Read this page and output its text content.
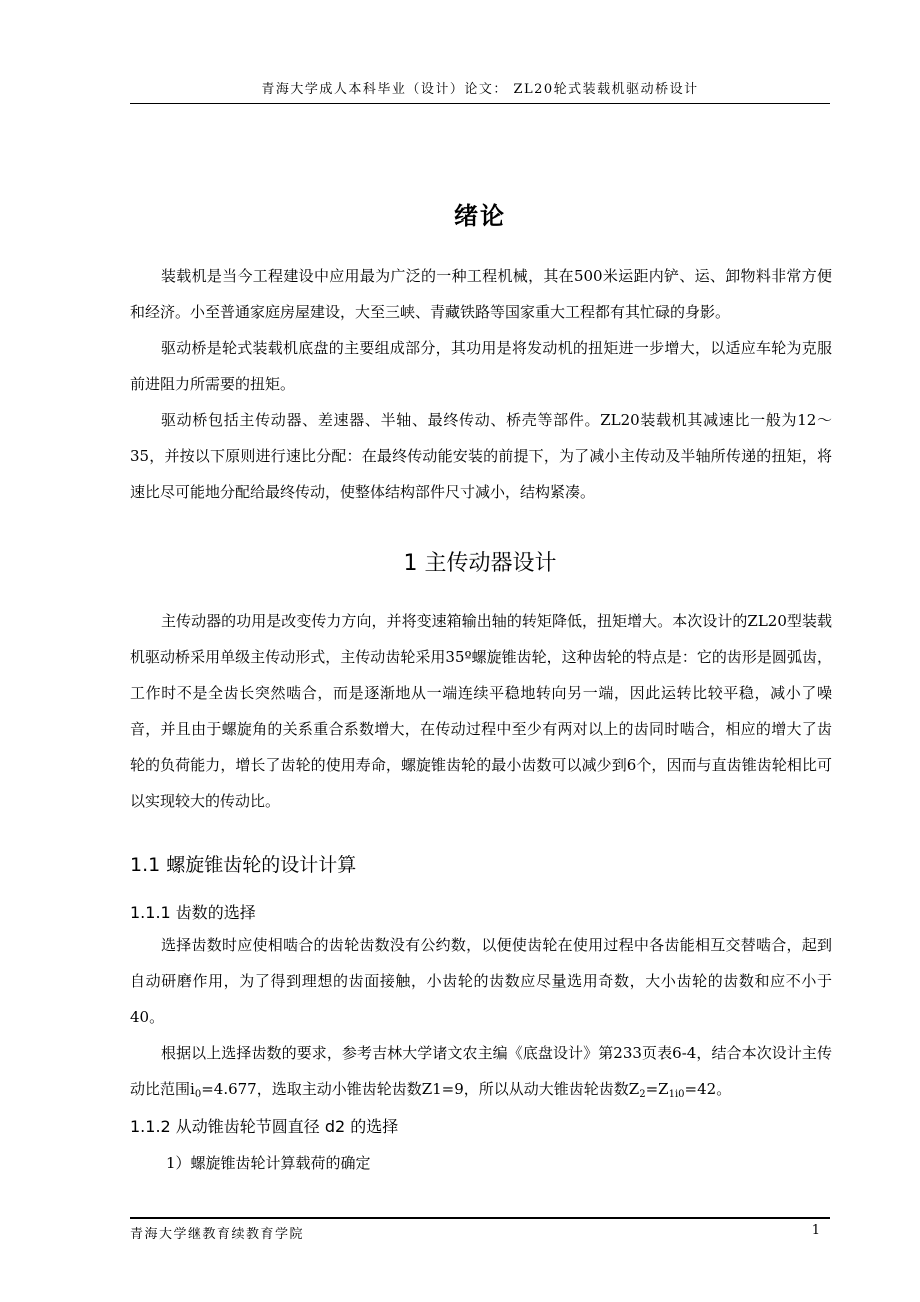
青海大学成人本科毕业（设计）论文： ZL20轮式装载机驱动桥设计
绪论

装载机是当今工程建设中应用最为广泛的一种工程机械，其在500米运距内铲、运、卸物料非常方便和经济。小至普通家庭房屋建设，大至三峡、青藏铁路等国家重大工程都有其忙碌的身影。

驱动桥是轮式装载机底盘的主要组成部分，其功用是将发动机的扭矩进一步增大，以适应车轮为克服前进阻力所需要的扭矩。

驱动桥包括主传动器、差速器、半轴、最终传动、桥壳等部件。ZL20装载机其减速比一般为12～35，并按以下原则进行速比分配：在最终传动能安装的前提下，为了减小主传动及半轴所传递的扭矩，将速比尽可能地分配给最终传动，使整体结构部件尺寸减小，结构紧凑。

1 主传动器设计

主传动器的功用是改变传力方向，并将变速箱输出轴的转矩降低，扭矩增大。本次设计的ZL20型装载机驱动桥采用单级主传动形式，主传动齿轮采用35º螺旋锥齿轮，这种齿轮的特点是：它的齿形是圆弧齿，工作时不是全齿长突然啮合，而是逐渐地从一端连续平稳地转向另一端，因此运转比较平稳，减小了噪音，并且由于螺旋角的关系重合系数增大，在传动过程中至少有两对以上的齿同时啮合，相应的增大了齿轮的负荷能力，增长了齿轮的使用寿命，螺旋锥齿轮的最小齿数可以减少到6个，因而与直齿锥齿轮相比可以实现较大的传动比。

1.1 螺旋锥齿轮的设计计算
1.1.1 齿数的选择

选择齿数时应使相啮合的齿轮齿数没有公约数，以便使齿轮在使用过程中各齿能相互交替啮合，起到自动研磨作用，为了得到理想的齿面接触，小齿轮的齿数应尽量选用奇数，大小齿轮的齿数和应不小于40。

根据以上选择齿数的要求，参考吉林大学诸文农主编《底盘设计》第233页表6-4，结合本次设计主传动比范围$i_0=4.677$，选取主动小锥齿轮齿数Z1=9，所以从动大锥齿轮齿数$Z_2=Z_{1i0}=42$。

1.1.2 从动锥齿轮节圆直径 d2 的选择
1）螺旋锥齿轮计算载荷的确定
青海大学继教育续教育学院	1
